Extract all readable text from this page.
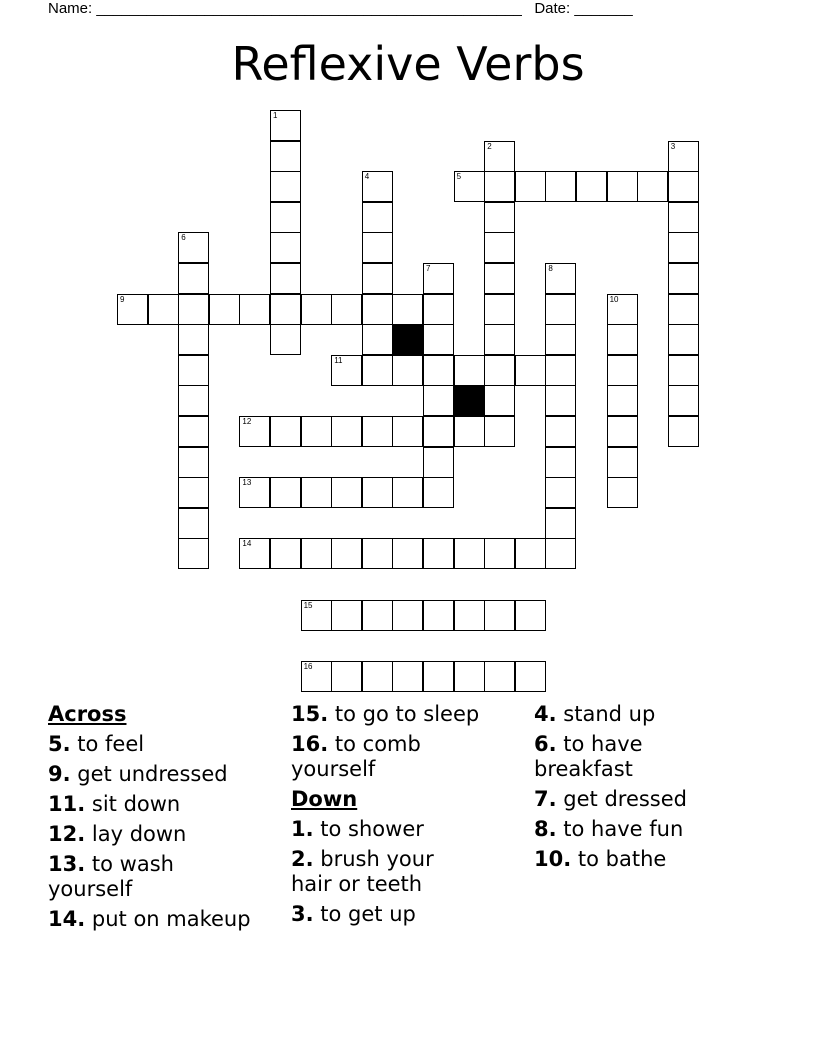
Name: ___________________________________________________ Date: _______
Reflexive Verbs
1
2	3
4	5
6
7	8
9	10
11
12
13
14
15
16
Across
5. to feel
9. get undressed
11. sit down
12. lay down
13. to wash yourself
14. put on makeup
15. to go to sleep
16. to comb yourself
Down
1. to shower
2. brush your hair or teeth
3. to get up
4. stand up
6. to have breakfast
7. get dressed
8. to have fun
10. to bathe
